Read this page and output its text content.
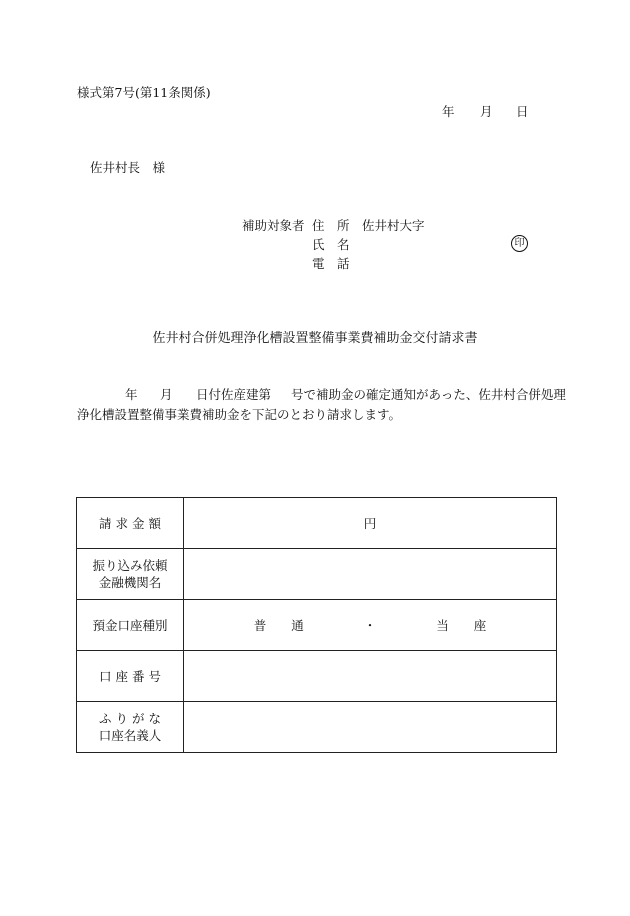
様式第7号(第11条関係)
年 月 日
佐井村長　様
補助対象者 住　所 佐井村大字
氏　名	印
電　話
佐井村合併処理浄化槽設置整備事業費補助金交付請求書
年 月 日付佐産建第 号で補助金の確定通知があった、佐井村合併処理
浄化槽設置整備事業費補助金を下記のとおり請求します。
請 求 金 額	円

振り込み依頼
金融機関名	

預金口座種別	普　　通 ・ 当　　座
口 座 番 号	

ふ り が な
口座名義人	
